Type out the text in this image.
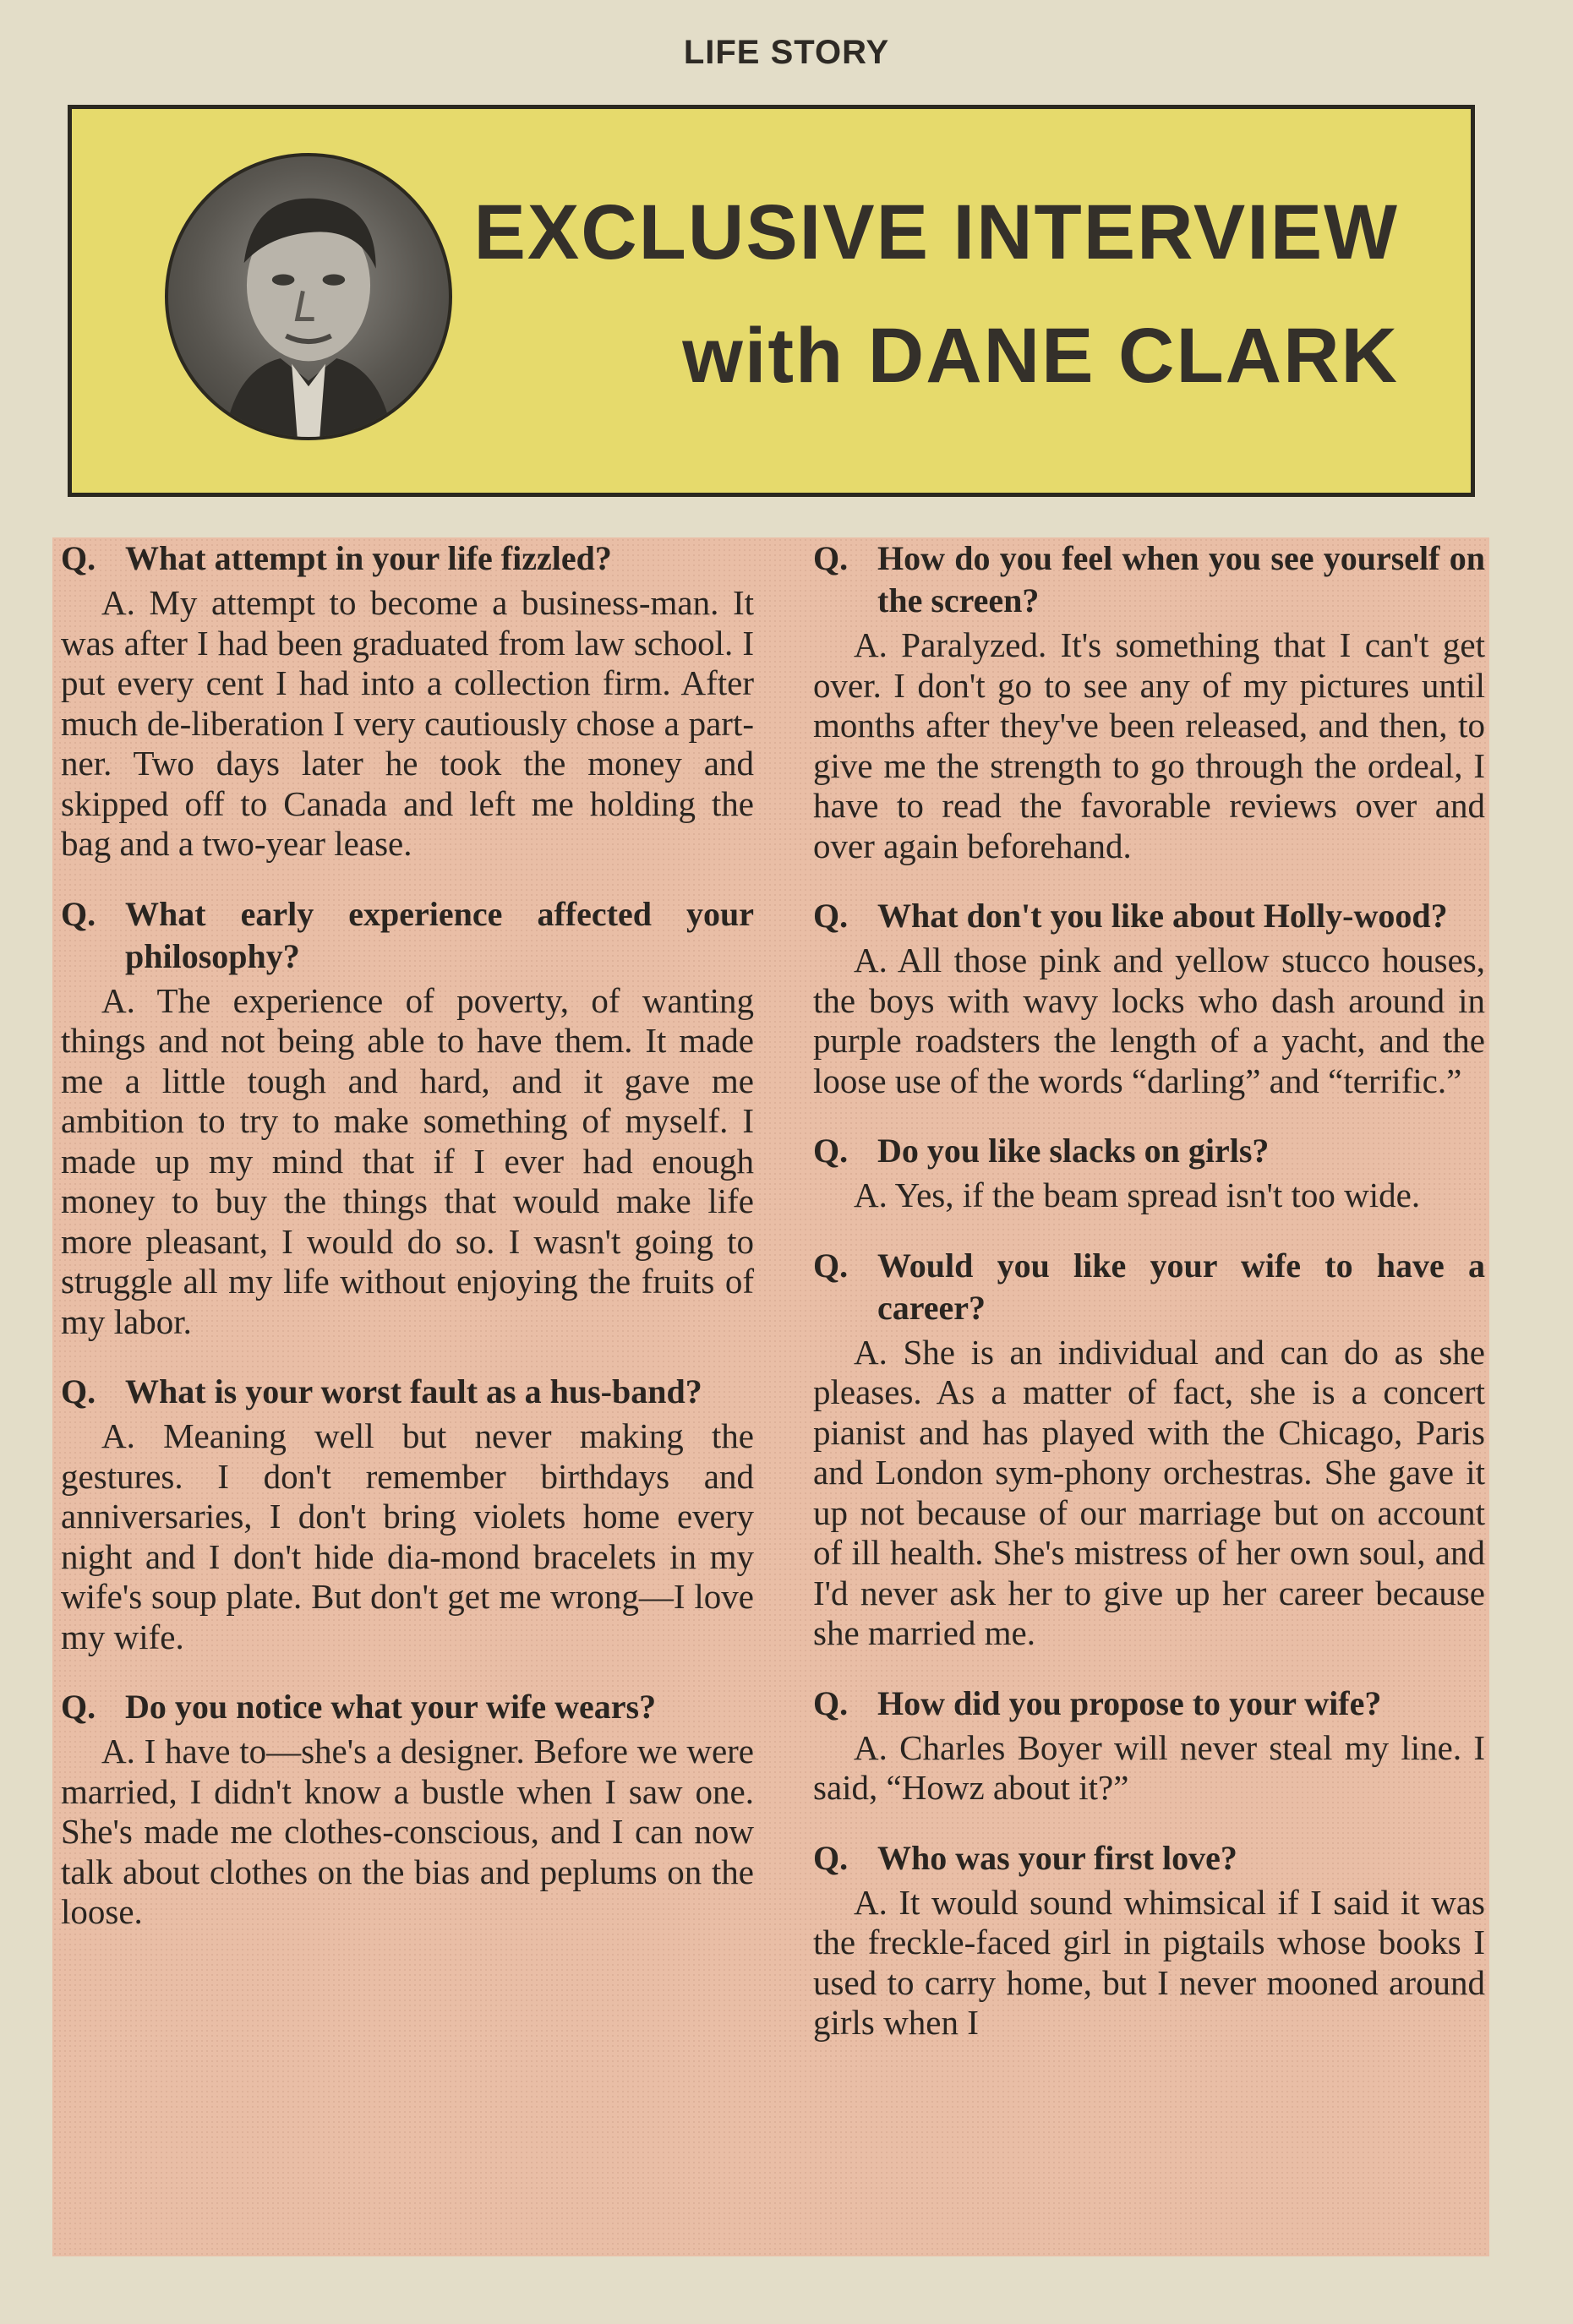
LIFE STORY
EXCLUSIVE INTERVIEW
with DANE CLARK
Q. What attempt in your life fizzled?
A. My attempt to become a business-man. It was after I had been graduated from law school. I put every cent I had into a collection firm. After much de-liberation I very cautiously chose a part-ner. Two days later he took the money and skipped off to Canada and left me holding the bag and a two-year lease.
Q. What early experience affected your philosophy?
A. The experience of poverty, of wanting things and not being able to have them. It made me a little tough and hard, and it gave me ambition to try to make something of myself. I made up my mind that if I ever had enough money to buy the things that would make life more pleasant, I would do so. I wasn't going to struggle all my life without enjoying the fruits of my labor.
Q. What is your worst fault as a hus-band?
A. Meaning well but never making the gestures. I don't remember birthdays and anniversaries, I don't bring violets home every night and I don't hide dia-mond bracelets in my wife's soup plate. But don't get me wrong—I love my wife.
Q. Do you notice what your wife wears?
A. I have to—she's a designer. Before we were married, I didn't know a bustle when I saw one. She's made me clothes-conscious, and I can now talk about clothes on the bias and peplums on the loose.
Q. How do you feel when you see yourself on the screen?
A. Paralyzed. It's something that I can't get over. I don't go to see any of my pictures until months after they've been released, and then, to give me the strength to go through the ordeal, I have to read the favorable reviews over and over again beforehand.
Q. What don't you like about Holly-wood?
A. All those pink and yellow stucco houses, the boys with wavy locks who dash around in purple roadsters the length of a yacht, and the loose use of the words “darling” and “terrific.”
Q. Do you like slacks on girls?
A. Yes, if the beam spread isn't too wide.
Q. Would you like your wife to have a career?
A. She is an individual and can do as she pleases. As a matter of fact, she is a concert pianist and has played with the Chicago, Paris and London sym-phony orchestras. She gave it up not because of our marriage but on account of ill health. She's mistress of her own soul, and I'd never ask her to give up her career because she married me.
Q. How did you propose to your wife?
A. Charles Boyer will never steal my line. I said, “Howz about it?”
Q. Who was your first love?
A. It would sound whimsical if I said it was the freckle-faced girl in pigtails whose books I used to carry home, but I never mooned around girls when I
